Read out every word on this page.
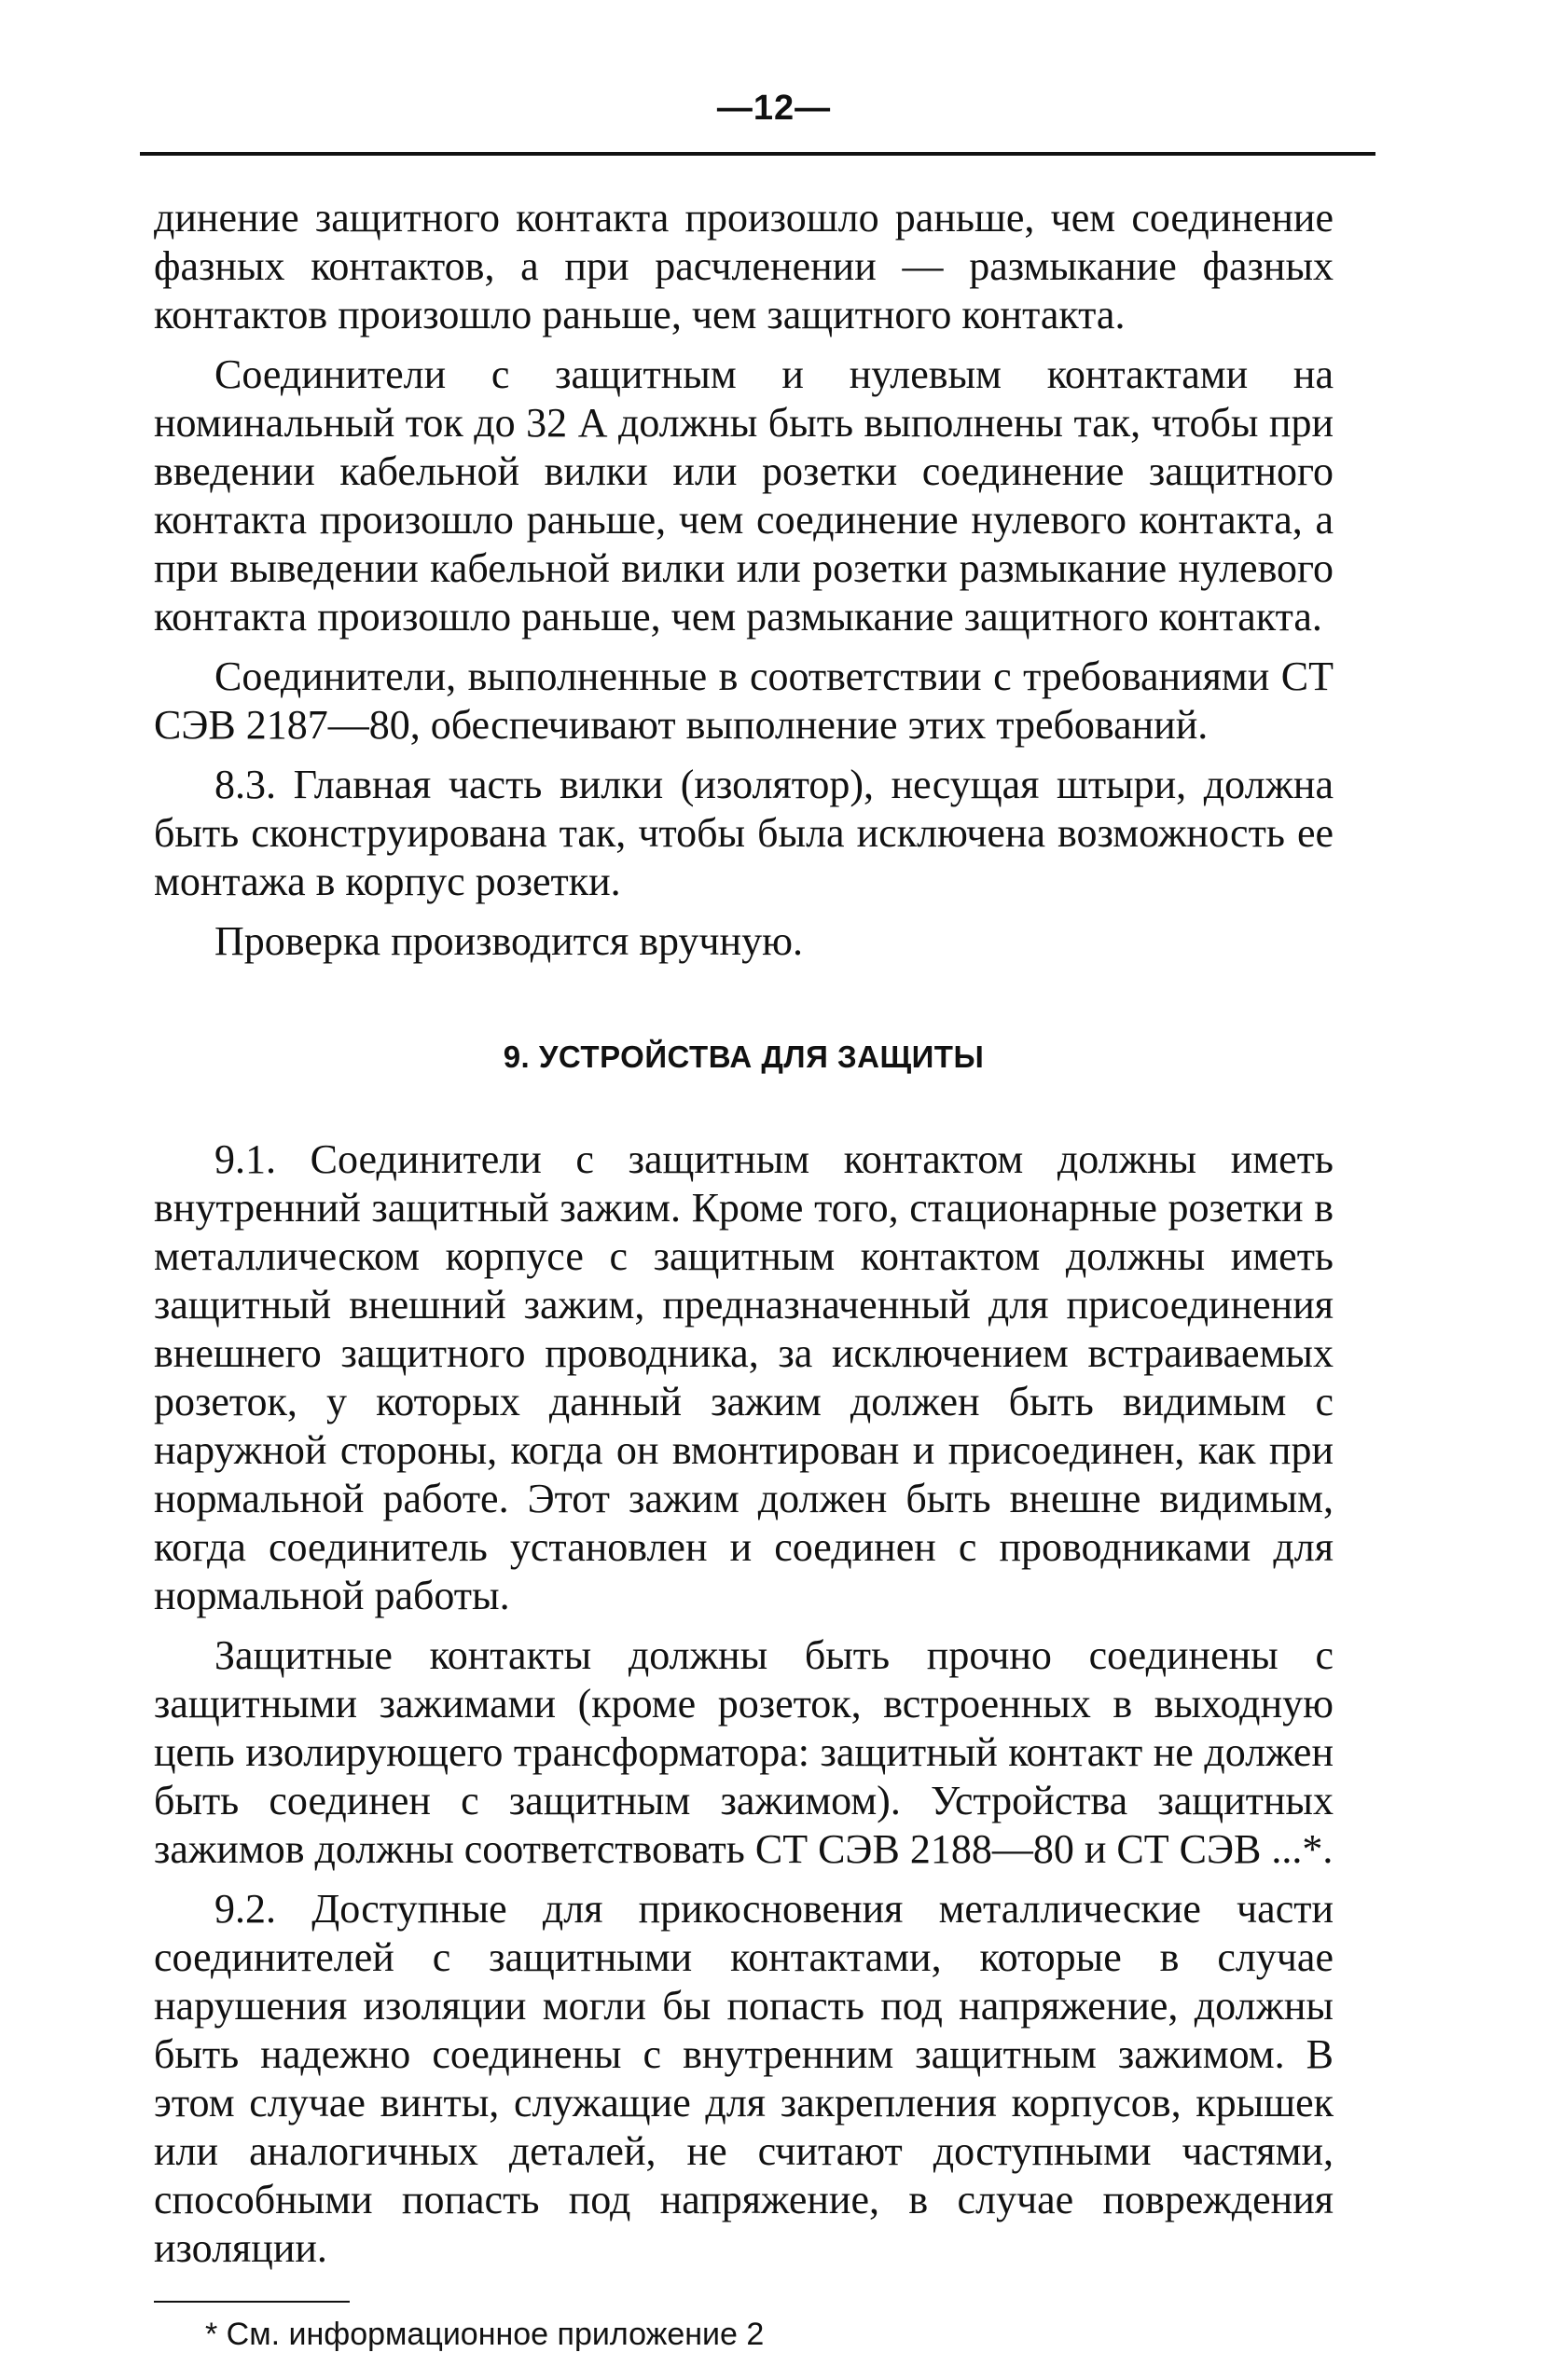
—12—

динение защитного контакта произошло раньше, чем соединение фазных контактов, а при расчленении — размыкание фазных контактов произошло раньше, чем защитного контакта.

Соединители с защитным и нулевым контактами на номинальный ток до 32 А должны быть выполнены так, чтобы при введении кабельной вилки или розетки соединение защитного контакта произошло раньше, чем соединение нулевого контакта, а при выведении кабельной вилки или розетки размыкание нулевого контакта произошло раньше, чем размыкание защитного контакта.

Соединители, выполненные в соответствии с требованиями СТ СЭВ 2187—80, обеспечивают выполнение этих требований.

8.3. Главная часть вилки (изолятор), несущая штыри, должна быть сконструирована так, чтобы была исключена возможность ее монтажа в корпус розетки.

Проверка производится вручную.

9. УСТРОЙСТВА ДЛЯ ЗАЩИТЫ

9.1. Соединители с защитным контактом должны иметь внутренний защитный зажим. Кроме того, стационарные розетки в металлическом корпусе с защитным контактом должны иметь защитный внешний зажим, предназначенный для присоединения внешнего защитного проводника, за исключением встраиваемых розеток, у которых данный зажим должен быть видимым с наружной стороны, когда он вмонтирован и присоединен, как при нормальной работе. Этот зажим должен быть внешне видимым, когда соединитель установлен и соединен с проводниками для нормальной работы.

Защитные контакты должны быть прочно соединены с защитными зажимами (кроме розеток, встроенных в выходную цепь изолирующего трансформатора: защитный контакт не должен быть соединен с защитным зажимом). Устройства защитных зажимов должны соответствовать СТ СЭВ 2188—80 и СТ СЭВ ...*.

9.2. Доступные для прикосновения металлические части соединителей с защитными контактами, которые в случае нарушения изоляции могли бы попасть под напряжение, должны быть надежно соединены с внутренним защитным зажимом. В этом случае винты, служащие для закрепления корпусов, крышек или аналогичных деталей, не считают доступными частями, способными попасть под напряжение, в случае повреждения изоляции.

* См. информационное приложение 2
